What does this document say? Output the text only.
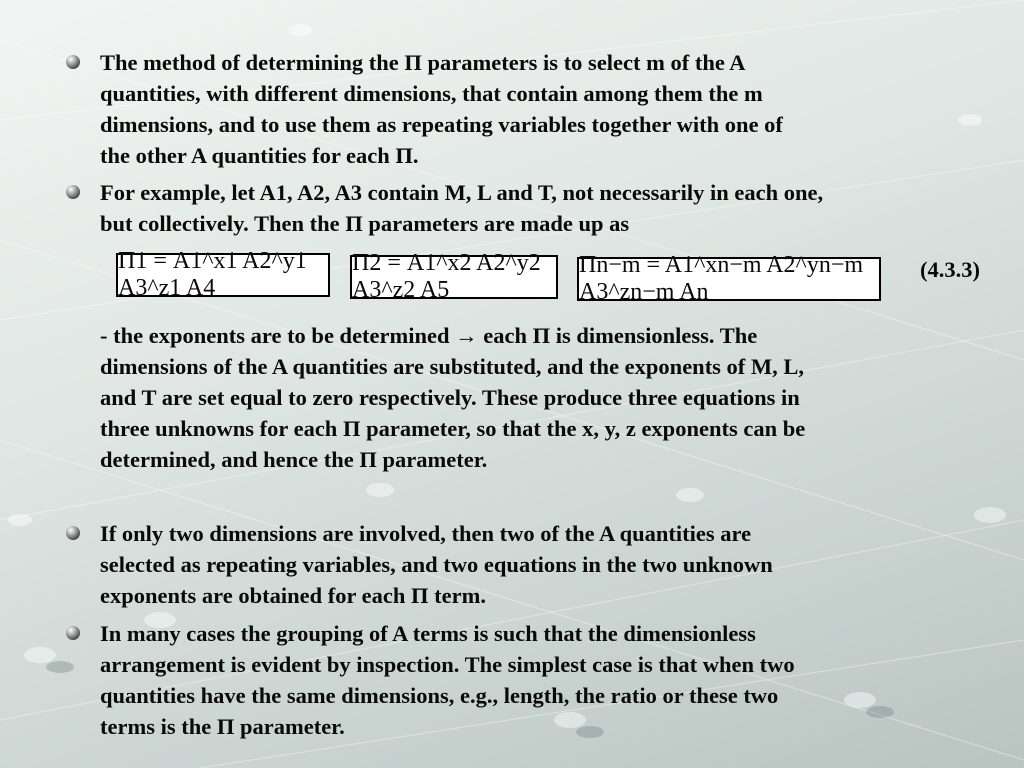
The method of determining the Π parameters is to select m of the A
quantities, with different dimensions, that contain among them the m
dimensions, and to use them as repeating variables together with one of
the other A quantities for each Π.

For example, let A1, A2, A3 contain M, L and T, not necessarily in each one,
but collectively. Then the Π parameters are made up as

Π1 = A1^x1 A2^y1 A3^z1 A4
Π2 = A1^x2 A2^y2 A3^z2 A5
Πn−m = A1^xn−m A2^yn−m A3^zn−m An
(4.3.3)

- the exponents are to be determined → each Π is dimensionless. The
dimensions of the A quantities are substituted, and the exponents of M, L,
and T are set equal to zero respectively. These produce three equations in
three unknowns for each Π parameter, so that the x, y, z exponents can be
determined, and hence the Π parameter.

If only two dimensions are involved, then two of the A quantities are
selected as repeating variables, and two equations in the two unknown
exponents are obtained for each Π term.

In many cases the grouping of A terms is such that the dimensionless
arrangement is evident by inspection. The simplest case is that when two
quantities have the same dimensions, e.g., length, the ratio or these two
terms is the Π parameter.
